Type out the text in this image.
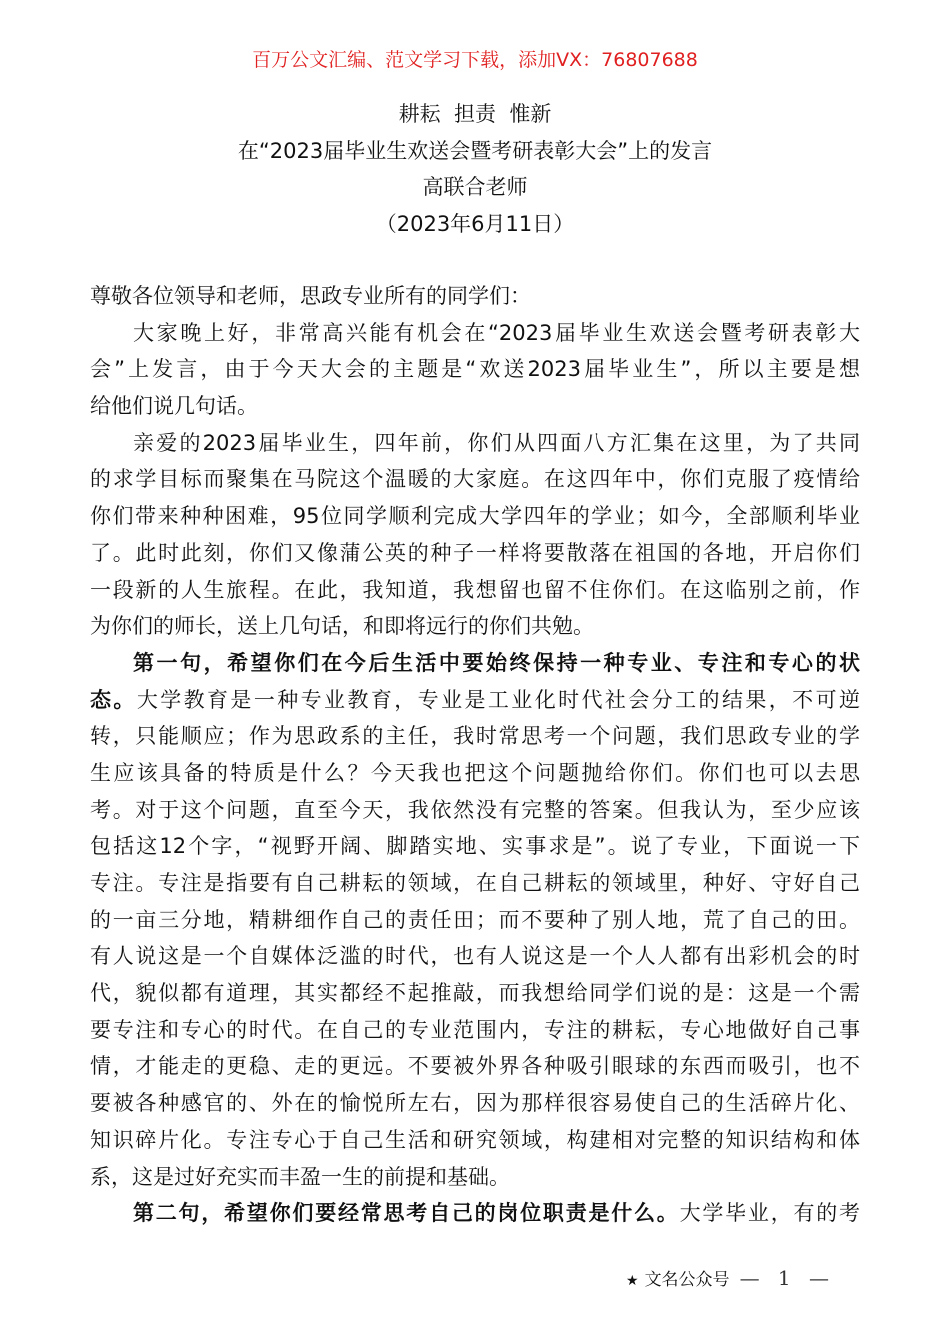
百万公文汇编、范文学习下载，添加VX：76807688
耕耘  担责  惟新
在“2023届毕业生欢送会暨考研表彰大会”上的发言
高联合老师
（2023年6月11日）
尊敬各位领导和老师，思政专业所有的同学们：
大家晚上好，非常高兴能有机会在“2023届毕业生欢送会暨考研表彰大
会”上发言，由于今天大会的主题是“欢送2023届毕业生”，所以主要是想
给他们说几句话。
亲爱的2023届毕业生，四年前，你们从四面八方汇集在这里，为了共同
的求学目标而聚集在马院这个温暖的大家庭。在这四年中，你们克服了疫情给
你们带来种种困难，95位同学顺利完成大学四年的学业；如今，全部顺利毕业
了。此时此刻，你们又像蒲公英的种子一样将要散落在祖国的各地，开启你们
一段新的人生旅程。在此，我知道，我想留也留不住你们。在这临别之前，作
为你们的师长，送上几句话，和即将远行的你们共勉。
第一句，希望你们在今后生活中要始终保持一种专业、专注和专心的状
态。大学教育是一种专业教育，专业是工业化时代社会分工的结果，不可逆
转，只能顺应；作为思政系的主任，我时常思考一个问题，我们思政专业的学
生应该具备的特质是什么？今天我也把这个问题抛给你们。你们也可以去思
考。对于这个问题，直至今天，我依然没有完整的答案。但我认为，至少应该
包括这12个字，“视野开阔、脚踏实地、实事求是”。说了专业，下面说一下
专注。专注是指要有自己耕耘的领域，在自己耕耘的领域里，种好、守好自己
的一亩三分地，精耕细作自己的责任田；而不要种了别人地，荒了自己的田。
有人说这是一个自媒体泛滥的时代，也有人说这是一个人人都有出彩机会的时
代，貌似都有道理，其实都经不起推敲，而我想给同学们说的是：这是一个需
要专注和专心的时代。在自己的专业范围内，专注的耕耘，专心地做好自己事
情，才能走的更稳、走的更远。不要被外界各种吸引眼球的东西而吸引，也不
要被各种感官的、外在的愉悦所左右，因为那样很容易使自己的生活碎片化、
知识碎片化。专注专心于自己生活和研究领域，构建相对完整的知识结构和体
系，这是过好充实而丰盈一生的前提和基础。
第二句，希望你们要经常思考自己的岗位职责是什么。大学毕业，有的考
★ 文名公众号 — 1 —
